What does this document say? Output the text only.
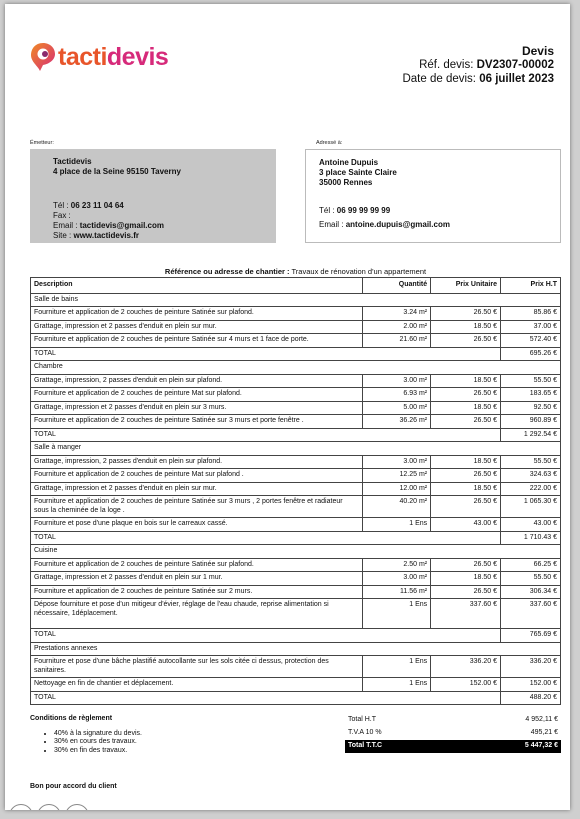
tactidevis	Devis
Réf. devis: DV2307-00002
Date de devis: 06 juillet 2023
Émetteur:
Tactidevis
4 place de la Seine 95150 Taverny
Tél : 06 23 11 04 64
Fax :
Email : tactidevis@gmail.com
Site : www.tactidevis.fr
Adressé à:
Antoine Dupuis
3 place Sainte Claire
35000 Rennes
Tél : 06 99 99 99 99
Email : antoine.dupuis@gmail.com
Référence ou adresse de chantier : Travaux de rénovation d'un appartement
Description	Quantité	Prix Unitaire	Prix H.T
Salle de bains			
Fourniture et application de 2 couches de peinture Satinée sur plafond.	3.24 m²	26.50 €	85.86 €
Grattage, impression et 2 passes d'enduit en plein sur mur.	2.00 m²	18.50 €	37.00 €
Fourniture et application de 2 couches de peinture Satinée sur 4 murs et 1 face de porte.	21.60 m²	26.50 €	572.40 €
TOTAL			695.26 €
Chambre			
Grattage, impression, 2 passes d'enduit en plein sur plafond.	3.00 m²	18.50 €	55.50 €
Fourniture et application de 2 couches de peinture Mat sur plafond.	6.93 m²	26.50 €	183.65 €
Grattage, impression et 2 passes d'enduit en plein sur 3 murs.	5.00 m²	18.50 €	92.50 €
Fourniture et application de 2 couches de peinture Satinée sur 3 murs et porte fenêtre .	36.26 m²	26.50 €	960.89 €
TOTAL			1 292.54 €
Salle à manger			
Grattage, impression, 2 passes d'enduit en plein sur plafond.	3.00 m²	18.50 €	55.50 €
Fourniture et application de 2 couches de peinture Mat sur plafond .	12.25 m²	26.50 €	324.63 €
Grattage, impression et 2 passes d'enduit en plein sur mur.	12.00 m²	18.50 €	222.00 €
Fourniture et application de 2 couches de peinture Satinée sur 3 murs , 2 portes fenêtre et radiateur sous la cheminée de la loge .	40.20 m²	26.50 €	1 065.30 €
Fourniture et pose d'une plaque en bois sur le carreaux cassé.	1 Ens	43.00 €	43.00 €
TOTAL			1 710.43 €
Cuisine			
Fourniture et application de 2 couches de peinture Satinée sur plafond.	2.50 m²	26.50 €	66.25 €
Grattage, impression et 2 passes d'enduit en plein sur 1 mur.	3.00 m²	18.50 €	55.50 €
Fourniture et application de 2 couches de peinture Satinée sur 2 murs.	11.56 m²	26.50 €	306.34 €
Dépose fourniture et pose d'un mitigeur d'évier, réglage de l'eau chaude, reprise alimentation si nécessaire, 1déplacement.	1 Ens	337.60 €	337.60 €
TOTAL			765.69 €
Prestations annexes			
Fourniture et pose d'une bâche plastifié autocollante sur les sols citée ci dessus, protection des sanitaires.	1 Ens	336.20 €	336.20 €
Nettoyage en fin de chantier et déplacement.	1 Ens	152.00 €	152.00 €
TOTAL			488.20 €
Conditions de règlement
• 40% à la signature du devis.
• 30% en cours des travaux.
• 30% en fin des travaux.
Total H.T	4 952,11 €
T.V.A 10 %	495,21 €
Total T.T.C	5 447,32 €
Bon pour accord du client
